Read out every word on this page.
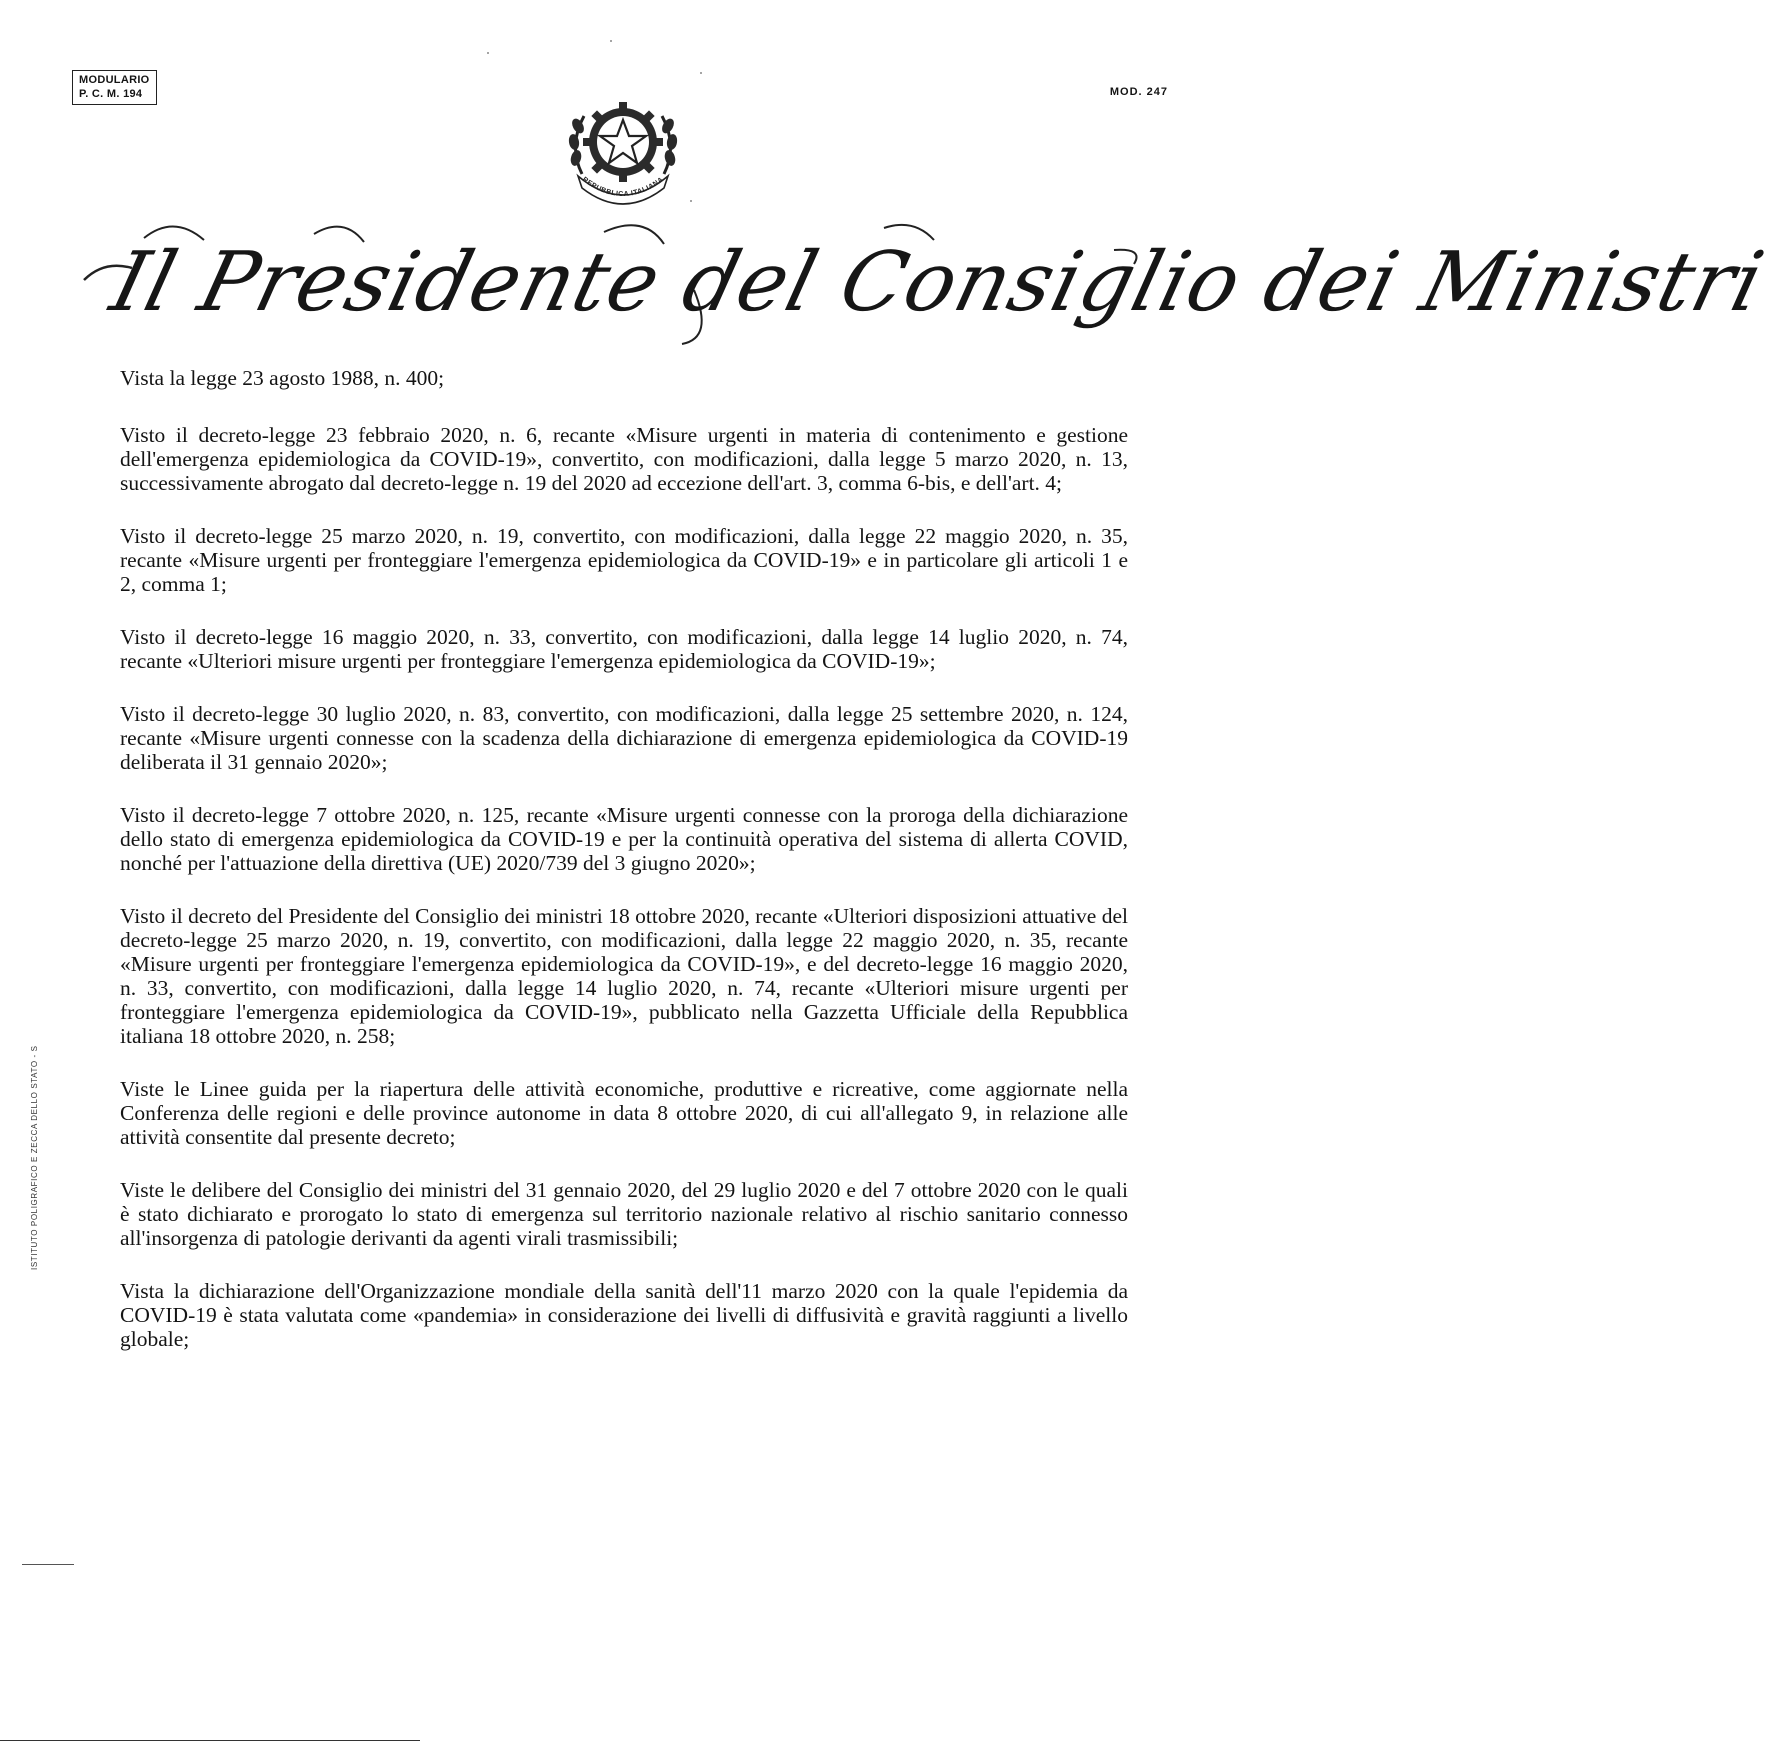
MODULARIO
P. C. M. 194	MOD. 247
REPUBBLICA ITALIANA
Il Presidente del Consiglio dei Ministri

Vista la legge 23 agosto 1988, n. 400;

Visto il decreto-legge 23 febbraio 2020, n. 6, recante «Misure urgenti in materia di contenimento e gestione dell'emergenza epidemiologica da COVID-19», convertito, con modificazioni, dalla legge 5 marzo 2020, n. 13, successivamente abrogato dal decreto-legge n. 19 del 2020 ad eccezione dell'art. 3, comma 6-bis, e dell'art. 4;

Visto il decreto-legge 25 marzo 2020, n. 19, convertito, con modificazioni, dalla legge 22 maggio 2020, n. 35, recante «Misure urgenti per fronteggiare l'emergenza epidemiologica da COVID-19» e in particolare gli articoli 1 e 2, comma 1;

Visto il decreto-legge 16 maggio 2020, n. 33, convertito, con modificazioni, dalla legge 14 luglio 2020, n. 74, recante «Ulteriori misure urgenti per fronteggiare l'emergenza epidemiologica da COVID-19»;

Visto il decreto-legge 30 luglio 2020, n. 83, convertito, con modificazioni, dalla legge 25 settembre 2020, n. 124, recante «Misure urgenti connesse con la scadenza della dichiarazione di emergenza epidemiologica da COVID-19 deliberata il 31 gennaio 2020»;

Visto il decreto-legge 7 ottobre 2020, n. 125, recante «Misure urgenti connesse con la proroga della dichiarazione dello stato di emergenza epidemiologica da COVID-19 e per la continuità operativa del sistema di allerta COVID, nonché per l'attuazione della direttiva (UE) 2020/739 del 3 giugno 2020»;

Visto il decreto del Presidente del Consiglio dei ministri 18 ottobre 2020, recante «Ulteriori disposizioni attuative del decreto-legge 25 marzo 2020, n. 19, convertito, con modificazioni, dalla legge 22 maggio 2020, n. 35, recante «Misure urgenti per fronteggiare l'emergenza epidemiologica da COVID-19», e del decreto-legge 16 maggio 2020, n. 33, convertito, con modificazioni, dalla legge 14 luglio 2020, n. 74, recante «Ulteriori misure urgenti per fronteggiare l'emergenza epidemiologica da COVID-19», pubblicato nella Gazzetta Ufficiale della Repubblica italiana 18 ottobre 2020, n. 258;

Viste le Linee guida per la riapertura delle attività economiche, produttive e ricreative, come aggiornate nella Conferenza delle regioni e delle province autonome in data 8 ottobre 2020, di cui all'allegato 9, in relazione alle attività consentite dal presente decreto;

Viste le delibere del Consiglio dei ministri del 31 gennaio 2020, del 29 luglio 2020 e del 7 ottobre 2020 con le quali è stato dichiarato e prorogato lo stato di emergenza sul territorio nazionale relativo al rischio sanitario connesso all'insorgenza di patologie derivanti da agenti virali trasmissibili;

Vista la dichiarazione dell'Organizzazione mondiale della sanità dell'11 marzo 2020 con la quale l'epidemia da COVID-19 è stata valutata come «pandemia» in considerazione dei livelli di diffusività e gravità raggiunti a livello globale;

ISTITUTO POLIGRAFICO E ZECCA DELLO STATO - S
